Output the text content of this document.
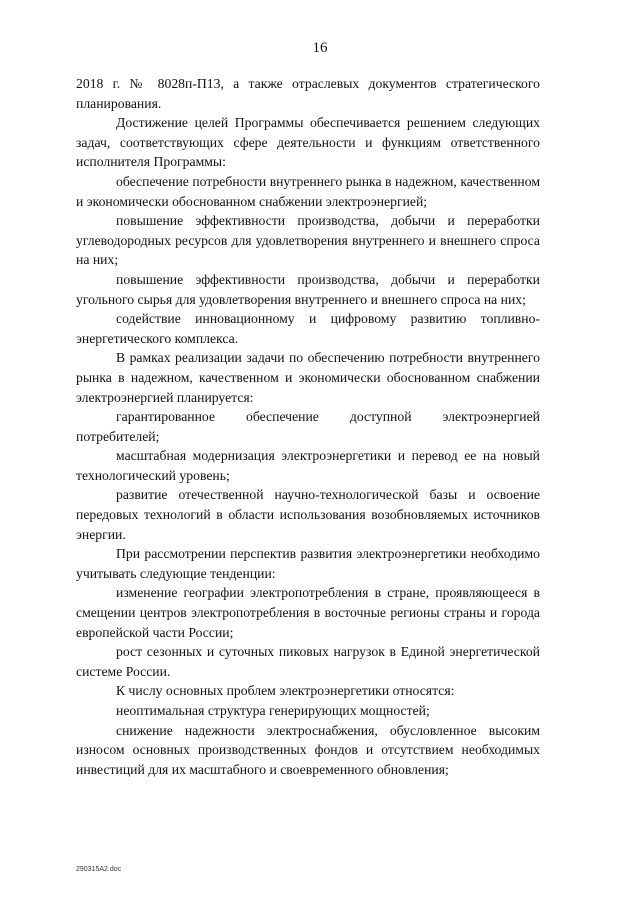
16

2018 г. № 8028п-П13, а также отраслевых документов стратегического планирования.

Достижение целей Программы обеспечивается решением следующих задач, соответствующих сфере деятельности и функциям ответственного исполнителя Программы:

обеспечение потребности внутреннего рынка в надежном, качественном и экономически обоснованном снабжении электроэнергией;

повышение эффективности производства, добычи и переработки углеводородных ресурсов для удовлетворения внутреннего и внешнего спроса на них;

повышение эффективности производства, добычи и переработки угольного сырья для удовлетворения внутреннего и внешнего спроса на них;

содействие инновационному и цифровому развитию топливно-энергетического комплекса.

В рамках реализации задачи по обеспечению потребности внутреннего рынка в надежном, качественном и экономически обоснованном снабжении электроэнергией планируется:

гарантированное обеспечение доступной электроэнергией потребителей;

масштабная модернизация электроэнергетики и перевод ее на новый технологический уровень;

развитие отечественной научно-технологической базы и освоение передовых технологий в области использования возобновляемых источников энергии.

При рассмотрении перспектив развития электроэнергетики необходимо учитывать следующие тенденции:

изменение географии электропотребления в стране, проявляющееся в смещении центров электропотребления в восточные регионы страны и города европейской части России;

рост сезонных и суточных пиковых нагрузок в Единой энергетической системе России.

К числу основных проблем электроэнергетики относятся:

неоптимальная структура генерирующих мощностей;

снижение надежности электроснабжения, обусловленное высоким износом основных производственных фондов и отсутствием необходимых инвестиций для их масштабного и своевременного обновления;

290315A2.doc
